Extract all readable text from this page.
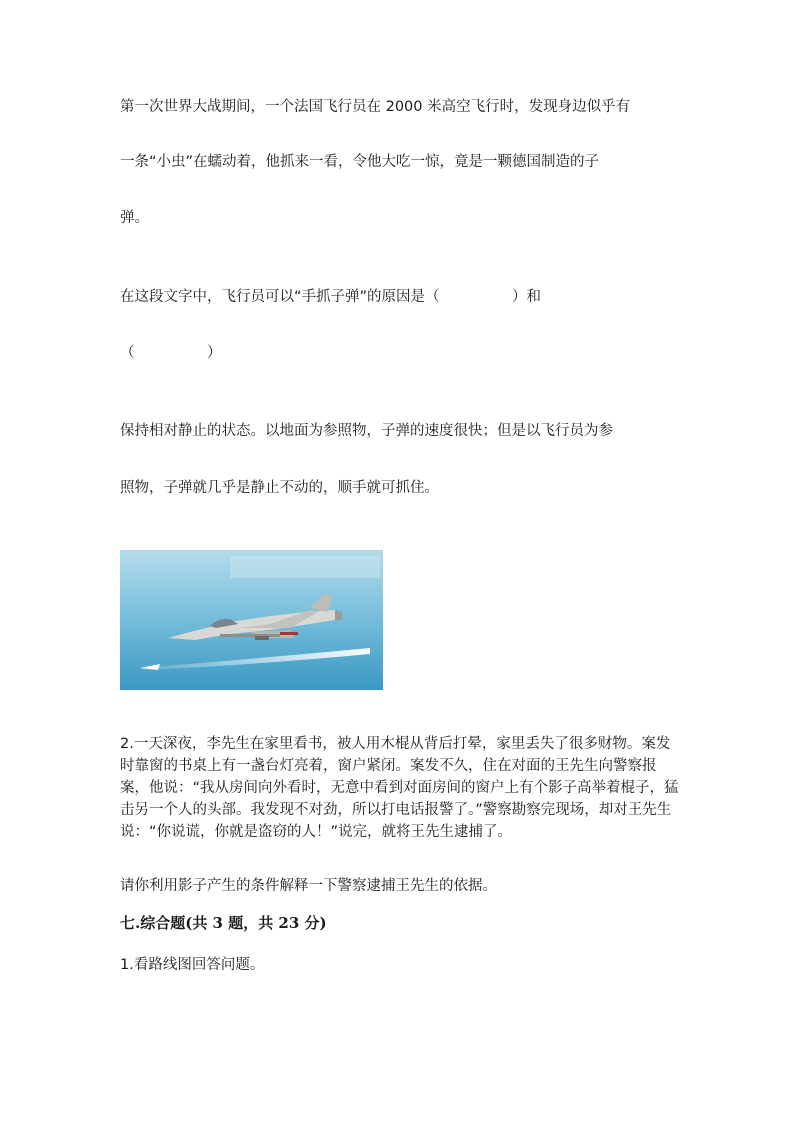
第一次世界大战期间，一个法国飞行员在 2000 米高空飞行时，发现身边似乎有
一条“小虫”在蠕动着，他抓来一看，令他大吃一惊，竟是一颗德国制造的子
弹。
在这段文字中，飞行员可以“手抓子弹”的原因是（　　　　　）和
（　　　　　）
保持相对静止的状态。以地面为参照物，子弹的速度很快；但是以飞行员为参
照物，子弹就几乎是静止不动的，顺手就可抓住。

2.一天深夜，李先生在家里看书，被人用木棍从背后打晕，家里丢失了很多财物。案发时靠窗的书桌上有一盏台灯亮着，窗户紧闭。案发不久，住在对面的王先生向警察报案，他说：“我从房间向外看时，无意中看到对面房间的窗户上有个影子高举着棍子，猛击另一个人的头部。我发现不对劲，所以打电话报警了。”警察勘察完现场，却对王先生说：“你说谎，你就是盗窃的人！”说完，就将王先生逮捕了。

请你利用影子产生的条件解释一下警察逮捕王先生的依据。
七.综合题(共 3 题，共 23 分)
1.看路线图回答问题。
